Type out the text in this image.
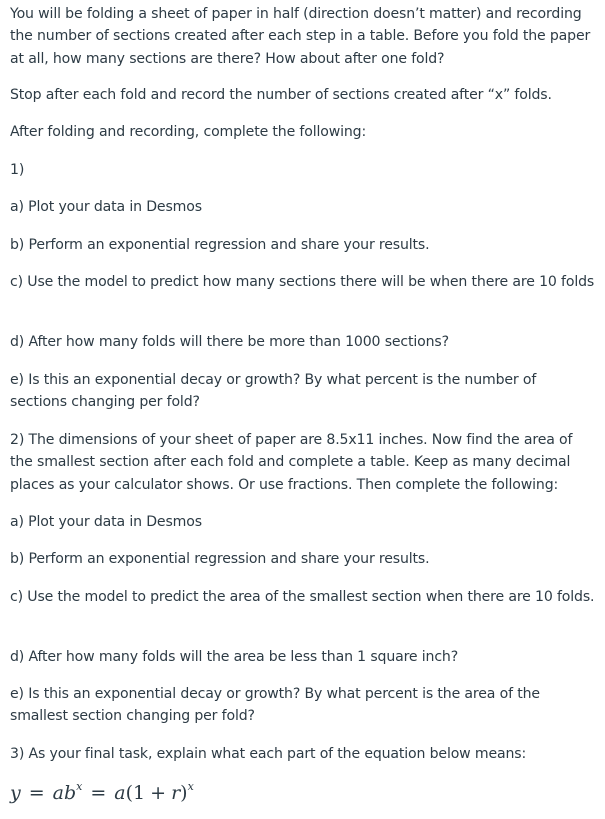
You will be folding a sheet of paper in half (direction doesn’t matter) and recording the number of sections created after each step in a table. Before you fold the paper at all, how many sections are there? How about after one fold?

Stop after each fold and record the number of sections created after “x” folds.

After folding and recording, complete the following:

1)

a) Plot your data in Desmos

b) Perform an exponential regression and share your results.

c) Use the model to predict how many sections there will be when there are 10 folds

d) After how many folds will there be more than 1000 sections?

e) Is this an exponential decay or growth? By what percent is the number of sections changing per fold?

2) The dimensions of your sheet of paper are 8.5x11 inches. Now find the area of the smallest section after each fold and complete a table. Keep as many decimal places as your calculator shows. Or use fractions. Then complete the following:

a) Plot your data in Desmos

b) Perform an exponential regression and share your results.

c) Use the model to predict the area of the smallest section when there are 10 folds.

d) After how many folds will the area be less than 1 square inch?

e) Is this an exponential decay or growth? By what percent is the area of the smallest section changing per fold?

3) As your final task, explain what each part of the equation below means:

$y = ab^x = a(1 + r)^x$
